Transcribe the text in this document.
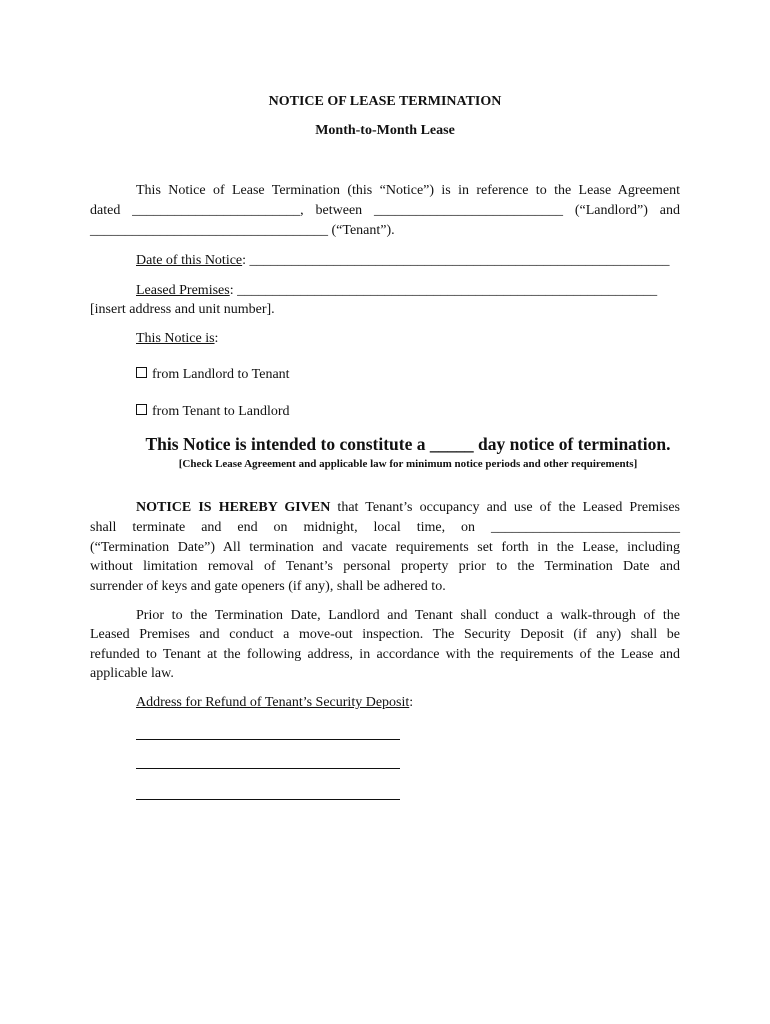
NOTICE OF LEASE TERMINATION
Month-to-Month Lease
This Notice of Lease Termination (this “Notice”) is in reference to the Lease Agreement
dated ________________________, between ___________________________ (“Landlord”) and
__________________________________ (“Tenant”).
Date of this Notice: ____________________________________________________________
Leased Premises: ____________________________________________________________
[insert address and unit number].
This Notice is:
from Landlord to Tenant
from Tenant to Landlord
This Notice is intended to constitute a _____ day notice of termination.
[Check Lease Agreement and applicable law for minimum notice periods and other requirements]
NOTICE IS HEREBY GIVEN that Tenant’s occupancy and use of the Leased Premises
shall terminate and end on midnight, local time, on ___________________________
(“Termination Date”) All termination and vacate requirements set forth in the Lease, including
without limitation removal of Tenant’s personal property prior to the Termination Date and
surrender of keys and gate openers (if any), shall be adhered to.
Prior to the Termination Date, Landlord and Tenant shall conduct a walk-through of the
Leased Premises and conduct a move-out inspection. The Security Deposit (if any) shall be
refunded to Tenant at the following address, in accordance with the requirements of the Lease and
applicable law.
Address for Refund of Tenant’s Security Deposit:
